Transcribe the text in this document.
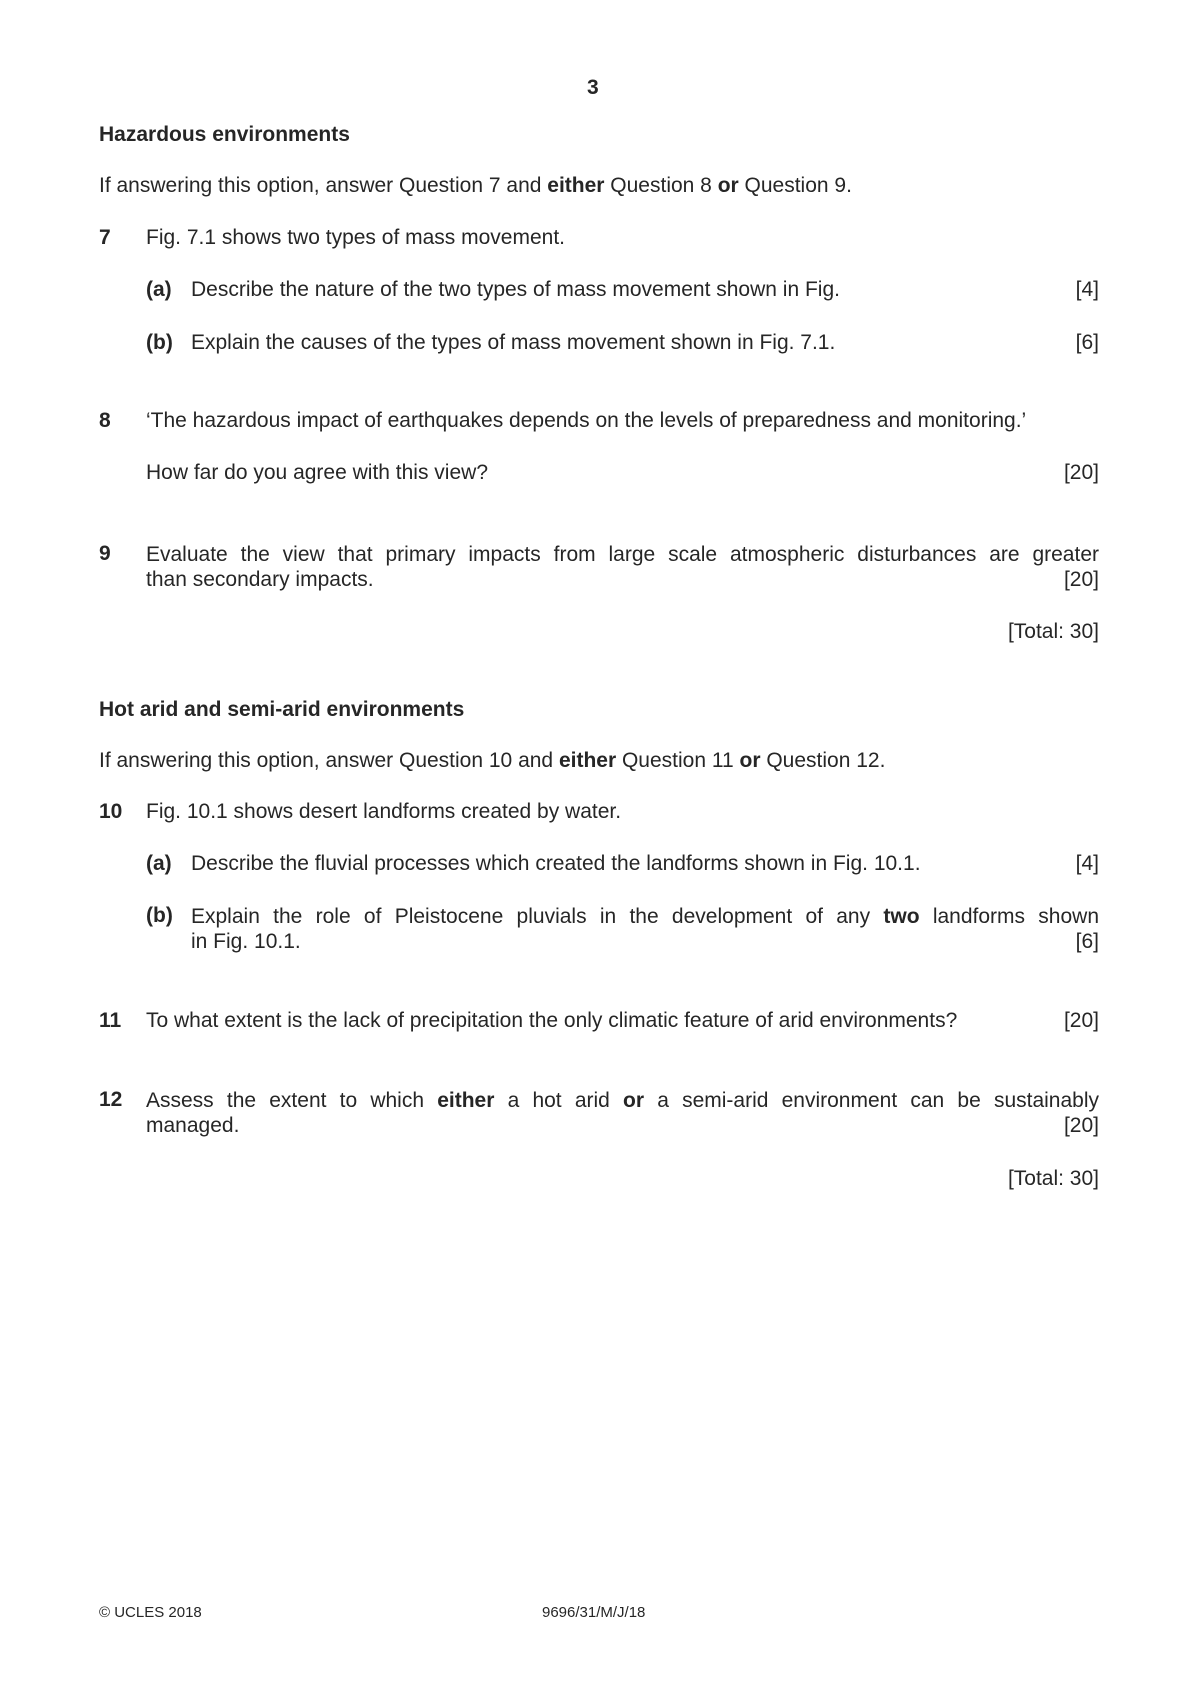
3
Hazardous environments
If answering this option, answer Question 7 and either Question 8 or Question 9.
7 Fig. 7.1 shows two types of mass movement.
(a) Describe the nature of the two types of mass movement shown in Fig.	[4]
(b) Explain the causes of the types of mass movement shown in Fig. 7.1.	[6]
8 ‘The hazardous impact of earthquakes depends on the levels of preparedness and monitoring.’
How far do you agree with this view?	[20]
9 Evaluate the view that primary impacts from large scale atmospheric disturbances are greater
than secondary impacts.	[20]
[Total: 30]
Hot arid and semi-arid environments
If answering this option, answer Question 10 and either Question 11 or Question 12.
10 Fig. 10.1 shows desert landforms created by water.
(a) Describe the fluvial processes which created the landforms shown in Fig. 10.1.	[4]
(b) Explain the role of Pleistocene pluvials in the development of any two landforms shown
in Fig. 10.1.	[6]
11 To what extent is the lack of precipitation the only climatic feature of arid environments?	[20]
12 Assess the extent to which either a hot arid or a semi-arid environment can be sustainably
managed.	[20]
[Total: 30]
© UCLES 2018	9696/31/M/J/18
